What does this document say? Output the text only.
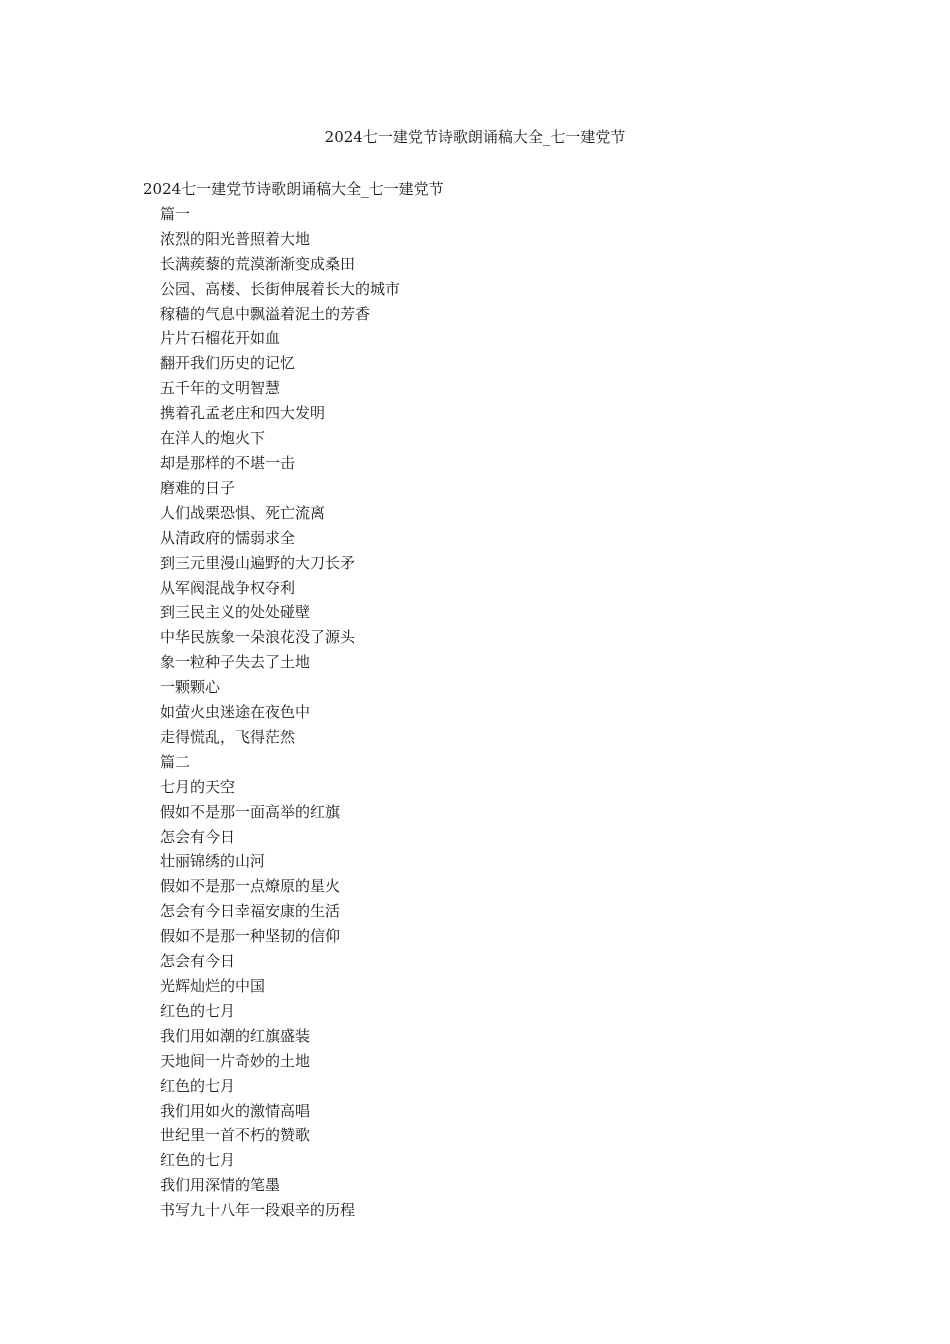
2024七一建党节诗歌朗诵稿大全_七一建党节

2024七一建党节诗歌朗诵稿大全_七一建党节

篇一
浓烈的阳光普照着大地
长满蒺藜的荒漠渐渐变成桑田
公园、高楼、长街伸展着长大的城市
稼穑的气息中飘溢着泥土的芳香
片片石榴花开如血
翻开我们历史的记忆
五千年的文明智慧
携着孔孟老庄和四大发明
在洋人的炮火下
却是那样的不堪一击
磨难的日子
人们战栗恐惧、死亡流离
从清政府的懦弱求全
到三元里漫山遍野的大刀长矛
从军阀混战争权夺利
到三民主义的处处碰壁
中华民族象一朵浪花没了源头
象一粒种子失去了土地
一颗颗心
如萤火虫迷途在夜色中
走得慌乱，飞得茫然
篇二
七月的天空
假如不是那一面高举的红旗
怎会有今日
壮丽锦绣的山河
假如不是那一点燎原的星火
怎会有今日幸福安康的生活
假如不是那一种坚韧的信仰
怎会有今日
光辉灿烂的中国
红色的七月
我们用如潮的红旗盛装
天地间一片奇妙的土地
红色的七月
我们用如火的激情高唱
世纪里一首不朽的赞歌
红色的七月
我们用深情的笔墨
书写九十八年一段艰辛的历程
